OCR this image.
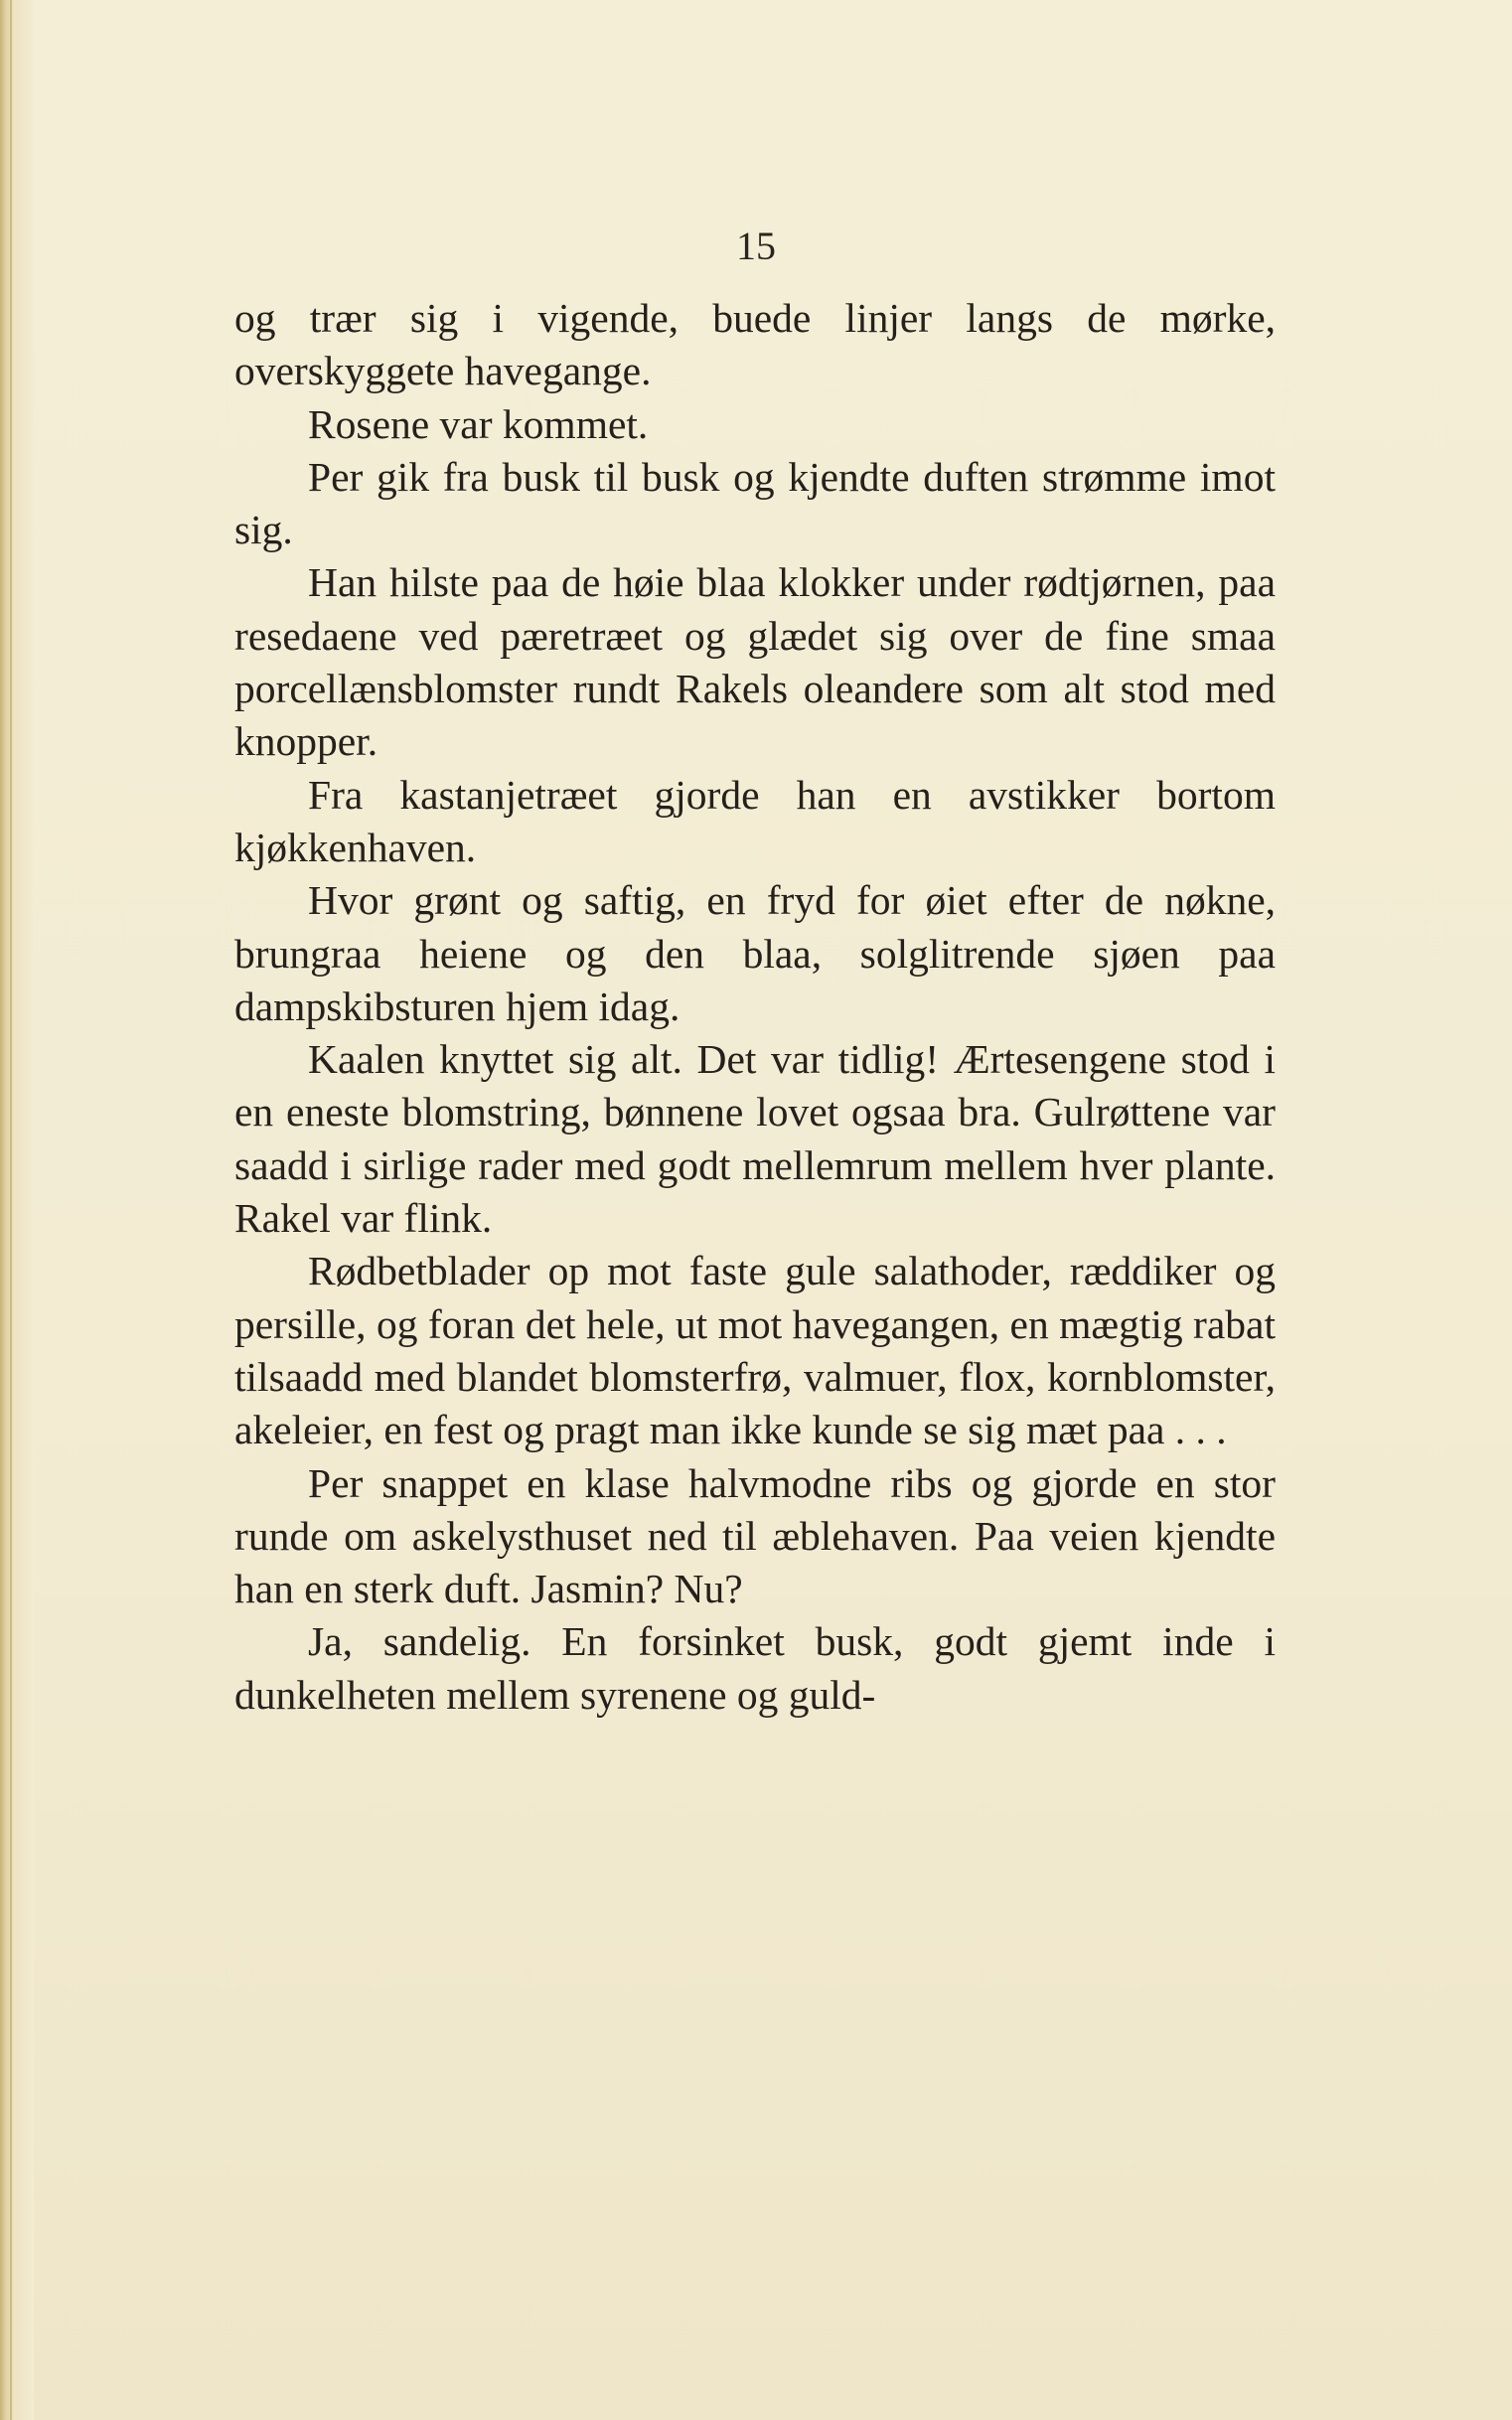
15

og trær sig i vigende, buede linjer langs de mørke, overskyggete havegange.

Rosene var kommet.

Per gik fra busk til busk og kjendte duften strømme imot sig.

Han hilste paa de høie blaa klokker under rødtjørnen, paa resedaene ved pæretræet og glædet sig over de fine smaa porcellænsblomster rundt Rakels oleandere som alt stod med knopper.

Fra kastanjetræet gjorde han en avstikker bortom kjøkkenhaven.

Hvor grønt og saftig, en fryd for øiet efter de nøkne, brungraa heiene og den blaa, solglitrende sjøen paa dampskibsturen hjem idag.

Kaalen knyttet sig alt. Det var tidlig! Ærtesengene stod i en eneste blomstring, bønnene lovet ogsaa bra. Gulrøttene var saadd i sirlige rader med godt mellemrum mellem hver plante. Rakel var flink.

Rødbetblader op mot faste gule salathoder, ræddiker og persille, og foran det hele, ut mot havegangen, en mægtig rabat tilsaadd med blandet blomsterfrø, valmuer, flox, kornblomster, akeleier, en fest og pragt man ikke kunde se sig mæt paa . . .

Per snappet en klase halvmodne ribs og gjorde en stor runde om askelysthuset ned til æblehaven. Paa veien kjendte han en sterk duft. Jasmin? Nu?

Ja, sandelig. En forsinket busk, godt gjemt inde i dunkelheten mellem syrenene og guld-
